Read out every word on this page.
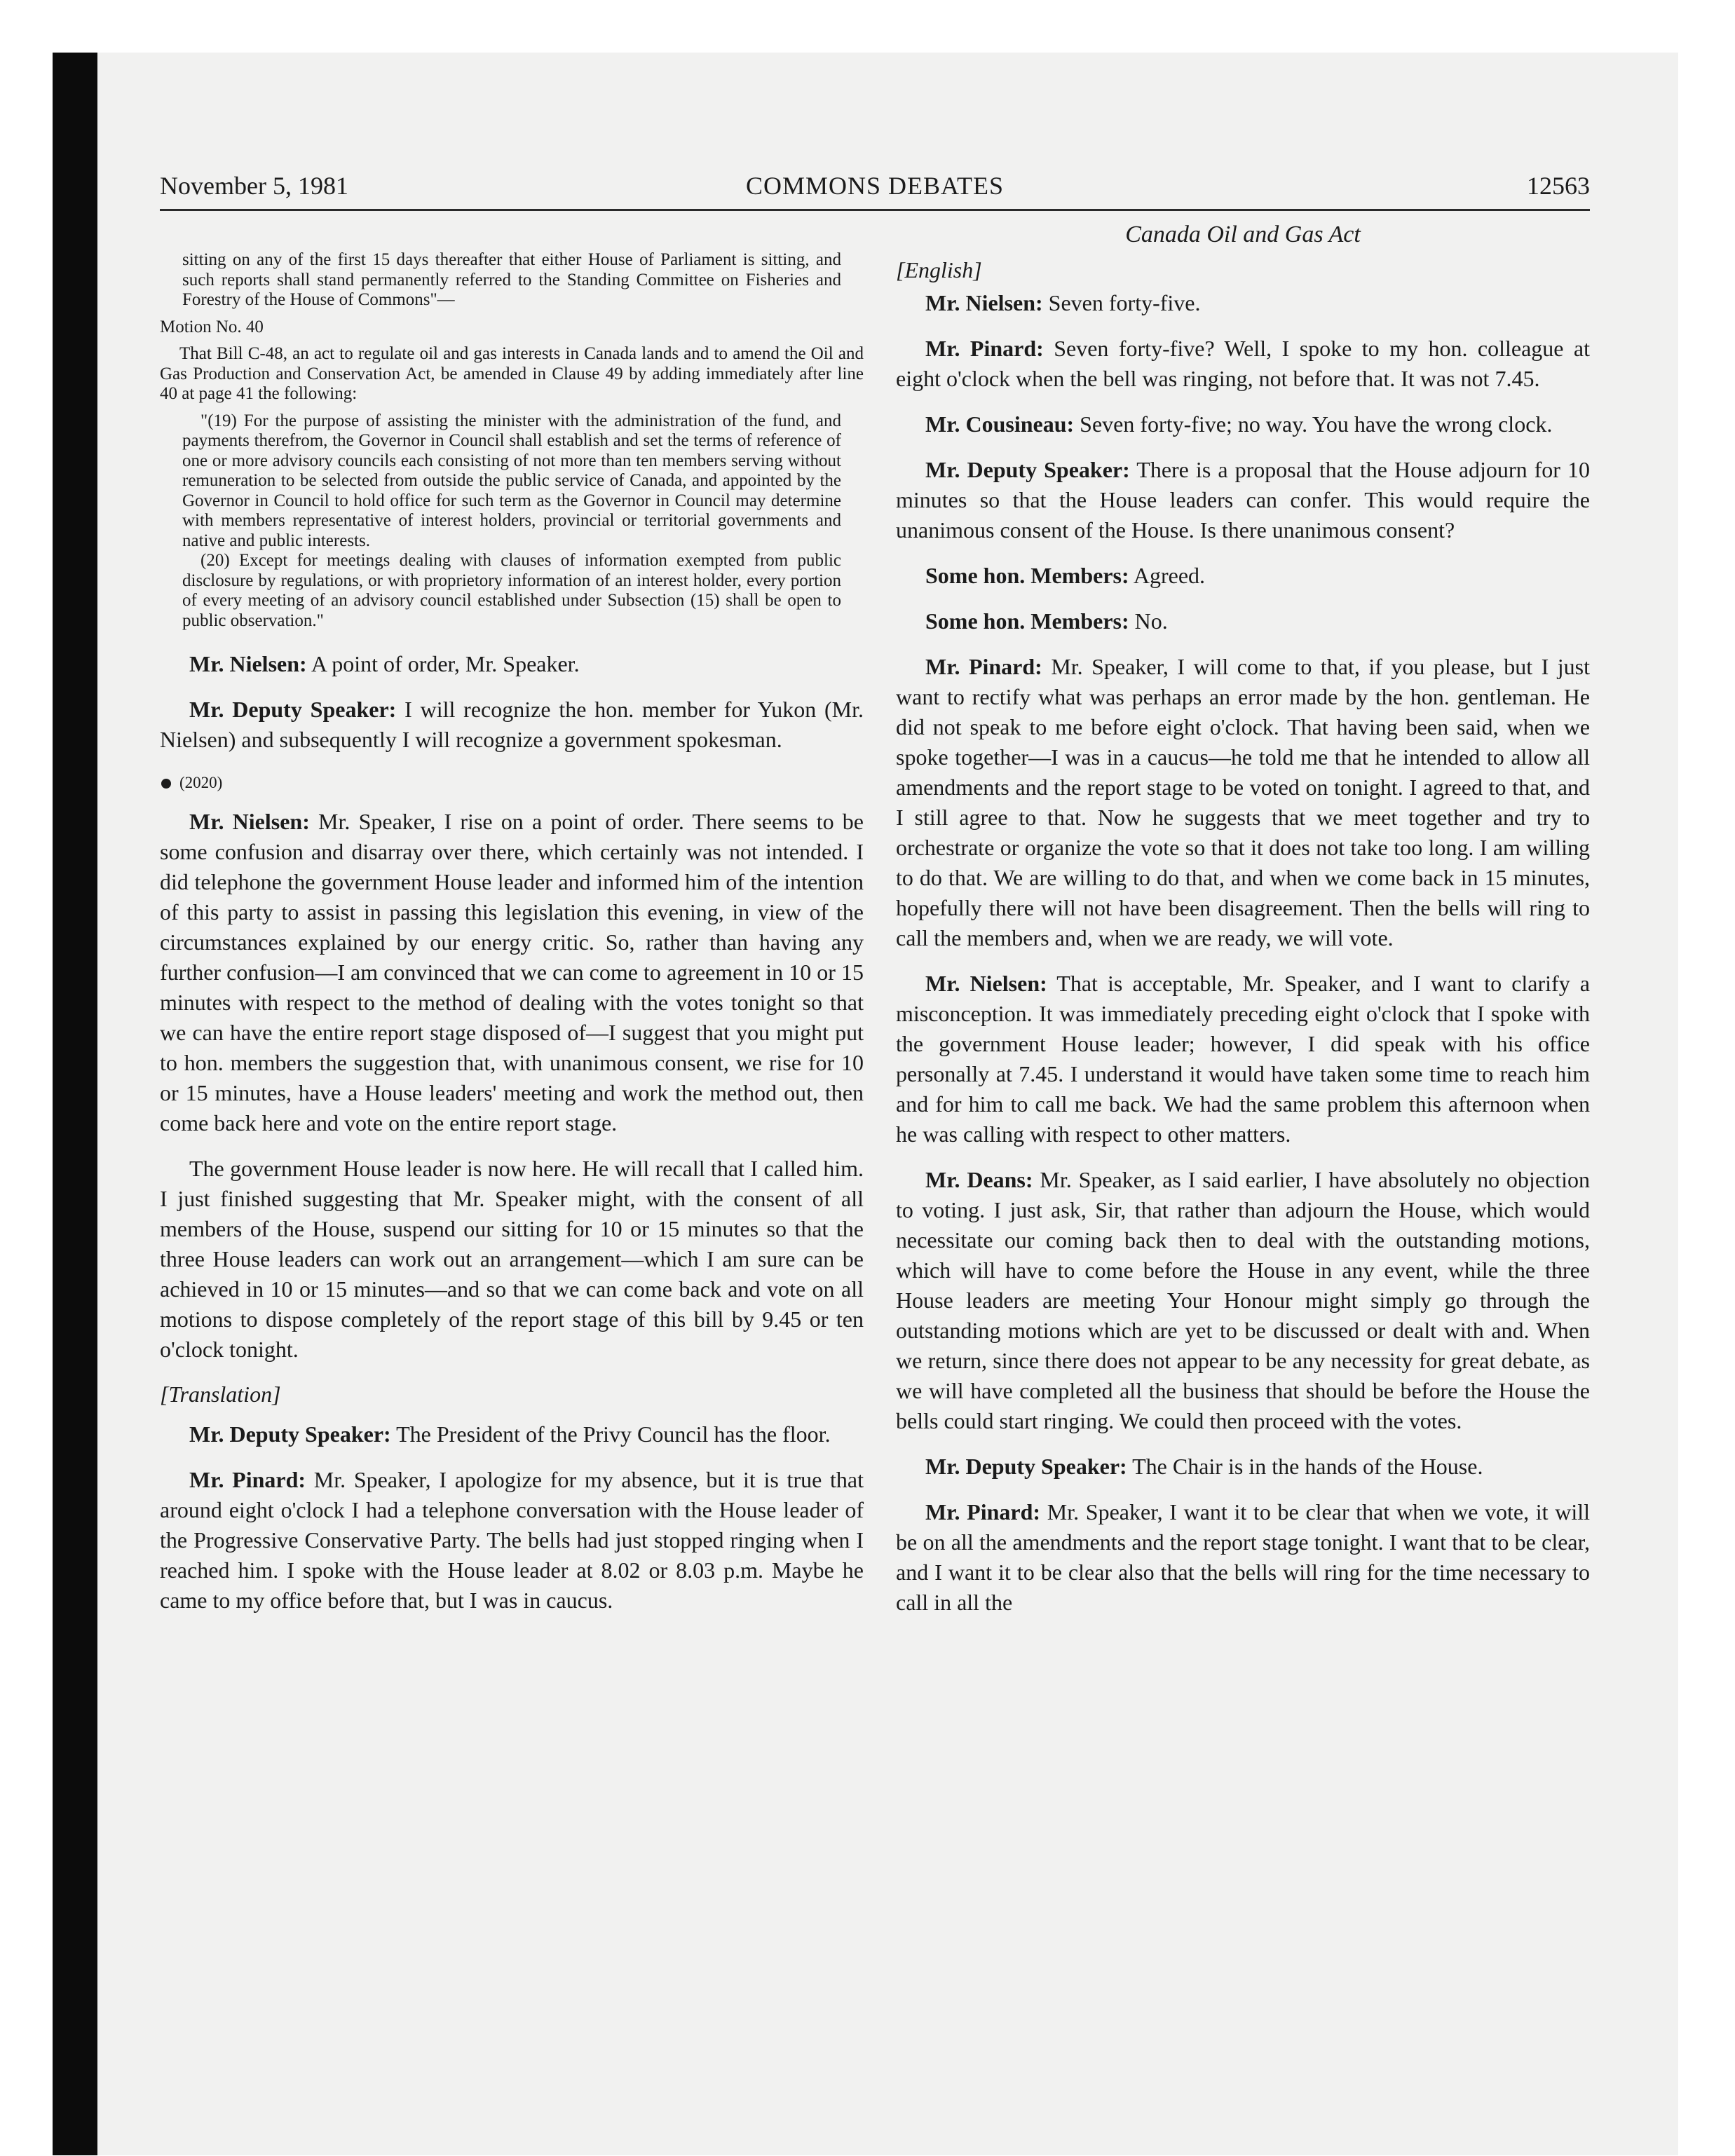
COMMONS DEBATES
November 5, 1981	12563

sitting on any of the first 15 days thereafter that either House of Parliament is sitting, and such reports shall stand permanently referred to the Standing Committee on Fisheries and Forestry of the House of Commons"—

Motion No. 40

That Bill C-48, an act to regulate oil and gas interests in Canada lands and to amend the Oil and Gas Production and Conservation Act, be amended in Clause 49 by adding immediately after line 40 at page 41 the following:

"(19) For the purpose of assisting the minister with the administration of the fund, and payments therefrom, the Governor in Council shall establish and set the terms of reference of one or more advisory councils each consisting of not more than ten members serving without remuneration to be selected from outside the public service of Canada, and appointed by the Governor in Council to hold office for such term as the Governor in Council may determine with members representative of interest holders, provincial or territorial governments and native and public interests.

(20) Except for meetings dealing with clauses of information exempted from public disclosure by regulations, or with proprietory information of an interest holder, every portion of every meeting of an advisory council established under Subsection (15) shall be open to public observation."

Mr. Nielsen: A point of order, Mr. Speaker.

Mr. Deputy Speaker: I will recognize the hon. member for Yukon (Mr. Nielsen) and subsequently I will recognize a government spokesman.

(2020)

Mr. Nielsen: Mr. Speaker, I rise on a point of order. There seems to be some confusion and disarray over there, which certainly was not intended. I did telephone the government House leader and informed him of the intention of this party to assist in passing this legislation this evening, in view of the circumstances explained by our energy critic. So, rather than having any further confusion—I am convinced that we can come to agreement in 10 or 15 minutes with respect to the method of dealing with the votes tonight so that we can have the entire report stage disposed of—I suggest that you might put to hon. members the suggestion that, with unanimous consent, we rise for 10 or 15 minutes, have a House leaders' meeting and work the method out, then come back here and vote on the entire report stage.

The government House leader is now here. He will recall that I called him. I just finished suggesting that Mr. Speaker might, with the consent of all members of the House, suspend our sitting for 10 or 15 minutes so that the three House leaders can work out an arrangement—which I am sure can be achieved in 10 or 15 minutes—and so that we can come back and vote on all motions to dispose completely of the report stage of this bill by 9.45 or ten o'clock tonight.

[Translation]

Mr. Deputy Speaker: The President of the Privy Council has the floor.

Mr. Pinard: Mr. Speaker, I apologize for my absence, but it is true that around eight o'clock I had a telephone conversation with the House leader of the Progressive Conservative Party. The bells had just stopped ringing when I reached him. I spoke with the House leader at 8.02 or 8.03 p.m. Maybe he came to my office before that, but I was in caucus.

Canada Oil and Gas Act

[English]

Mr. Nielsen: Seven forty-five.

Mr. Pinard: Seven forty-five? Well, I spoke to my hon. colleague at eight o'clock when the bell was ringing, not before that. It was not 7.45.

Mr. Cousineau: Seven forty-five; no way. You have the wrong clock.

Mr. Deputy Speaker: There is a proposal that the House adjourn for 10 minutes so that the House leaders can confer. This would require the unanimous consent of the House. Is there unanimous consent?

Some hon. Members: Agreed.

Some hon. Members: No.

Mr. Pinard: Mr. Speaker, I will come to that, if you please, but I just want to rectify what was perhaps an error made by the hon. gentleman. He did not speak to me before eight o'clock. That having been said, when we spoke together—I was in a caucus—he told me that he intended to allow all amendments and the report stage to be voted on tonight. I agreed to that, and I still agree to that. Now he suggests that we meet together and try to orchestrate or organize the vote so that it does not take too long. I am willing to do that. We are willing to do that, and when we come back in 15 minutes, hopefully there will not have been disagreement. Then the bells will ring to call the members and, when we are ready, we will vote.

Mr. Nielsen: That is acceptable, Mr. Speaker, and I want to clarify a misconception. It was immediately preceding eight o'clock that I spoke with the government House leader; however, I did speak with his office personally at 7.45. I understand it would have taken some time to reach him and for him to call me back. We had the same problem this afternoon when he was calling with respect to other matters.

Mr. Deans: Mr. Speaker, as I said earlier, I have absolutely no objection to voting. I just ask, Sir, that rather than adjourn the House, which would necessitate our coming back then to deal with the outstanding motions, which will have to come before the House in any event, while the three House leaders are meeting Your Honour might simply go through the outstanding motions which are yet to be discussed or dealt with and. When we return, since there does not appear to be any necessity for great debate, as we will have completed all the business that should be before the House the bells could start ringing. We could then proceed with the votes.

Mr. Deputy Speaker: The Chair is in the hands of the House.

Mr. Pinard: Mr. Speaker, I want it to be clear that when we vote, it will be on all the amendments and the report stage tonight. I want that to be clear, and I want it to be clear also that the bells will ring for the time necessary to call in all the
